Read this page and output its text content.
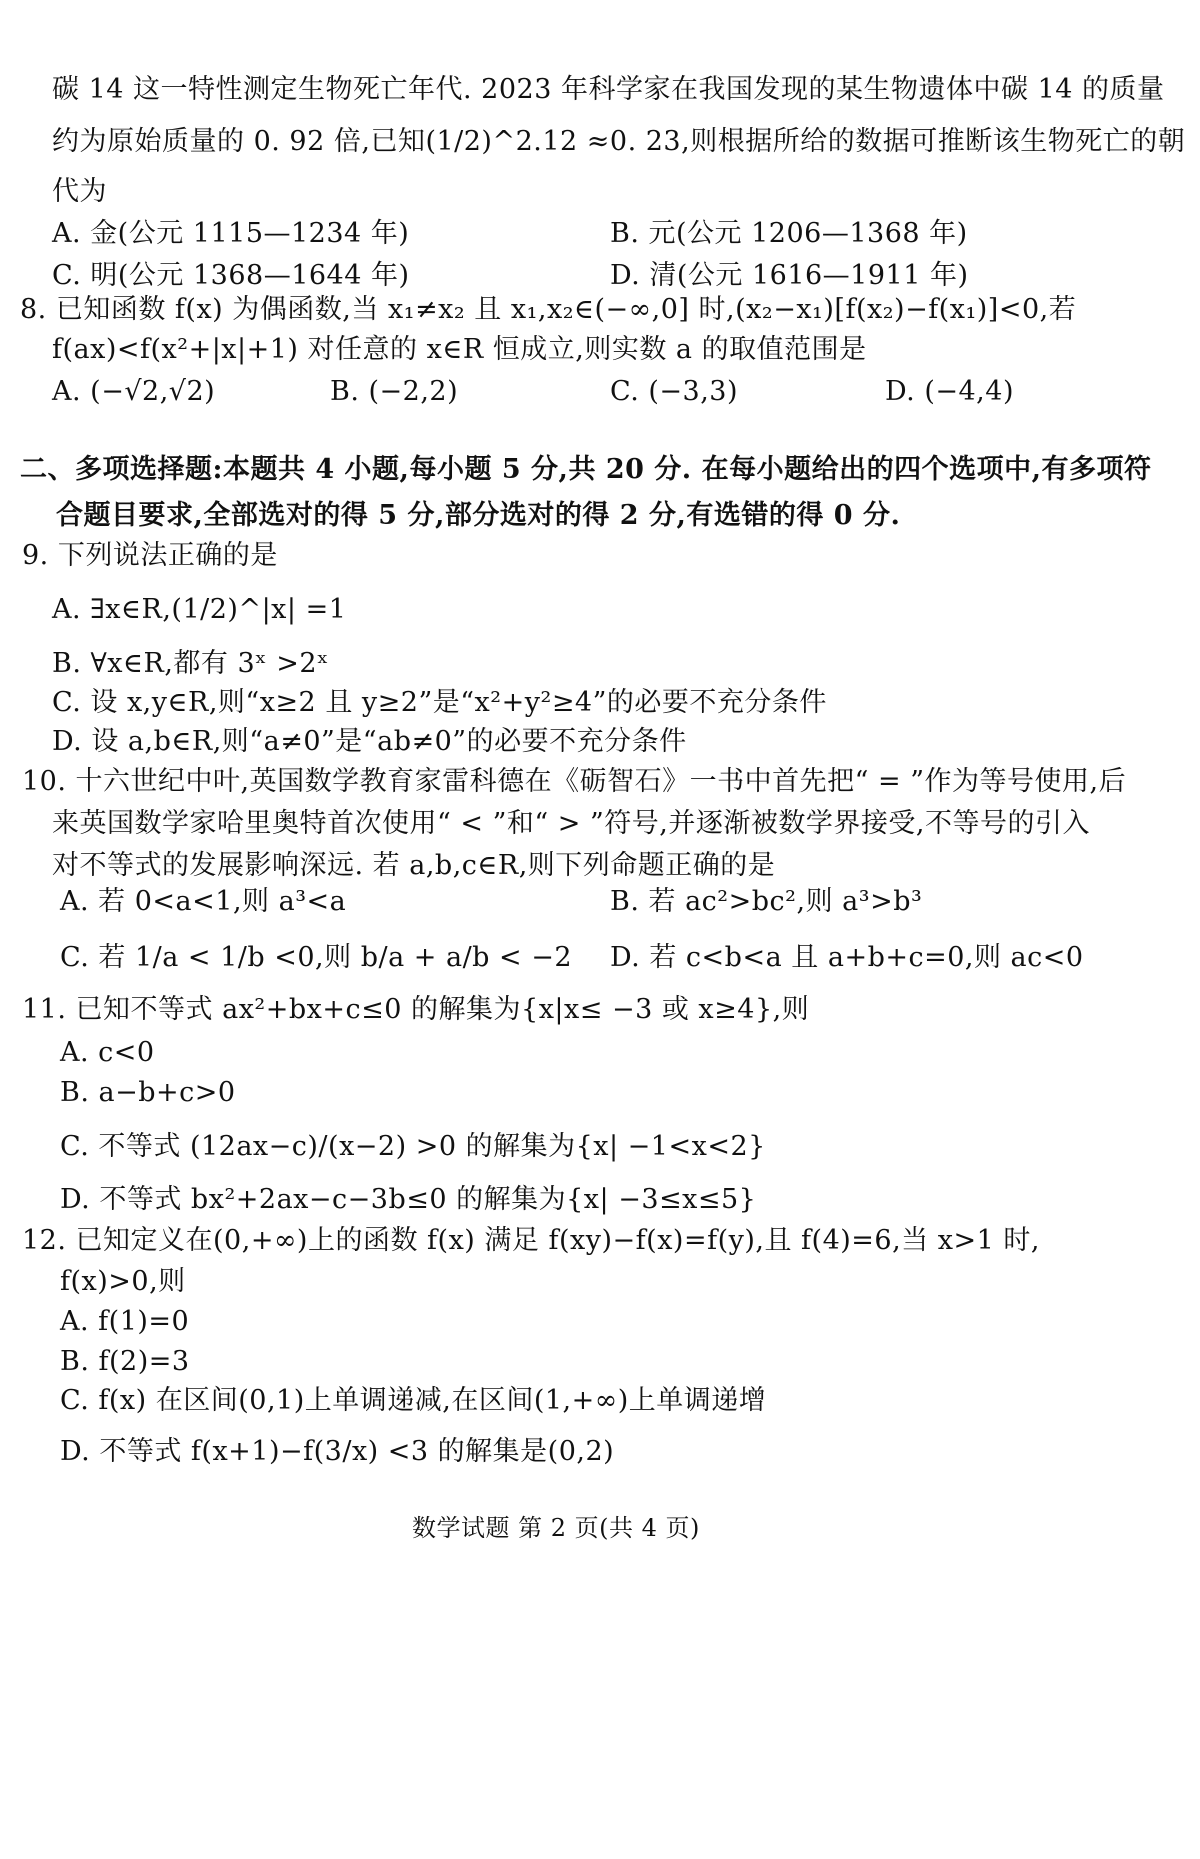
碳 14 这一特性测定生物死亡年代. 2023 年科学家在我国发现的某生物遗体中碳 14 的质量
约为原始质量的 0. 92 倍,已知(1/2)^2.12 ≈0. 23,则根据所给的数据可推断该生物死亡的朝
代为
A. 金(公元 1115—1234 年)	B. 元(公元 1206—1368 年)
C. 明(公元 1368—1644 年)	D. 清(公元 1616—1911 年)
8. 已知函数 f(x) 为偶函数,当 x₁≠x₂ 且 x₁,x₂∈(−∞,0] 时,(x₂−x₁)[f(x₂)−f(x₁)]<0,若
f(ax)<f(x²+|x|+1) 对任意的 x∈R 恒成立,则实数 a 的取值范围是
A. (−√2,√2)	B. (−2,2)	C. (−3,3)	D. (−4,4)
二、多项选择题:本题共 4 小题,每小题 5 分,共 20 分. 在每小题给出的四个选项中,有多项符
合题目要求,全部选对的得 5 分,部分选对的得 2 分,有选错的得 0 分.
9. 下列说法正确的是
A. ∃x∈R,(1/2)^|x| =1
B. ∀x∈R,都有 3ˣ >2ˣ
C. 设 x,y∈R,则“x≥2 且 y≥2”是“x²+y²≥4”的必要不充分条件
D. 设 a,b∈R,则“a≠0”是“ab≠0”的必要不充分条件
10. 十六世纪中叶,英国数学教育家雷科德在《砺智石》一书中首先把“ = ”作为等号使用,后
来英国数学家哈里奥特首次使用“ < ”和“ > ”符号,并逐渐被数学界接受,不等号的引入
对不等式的发展影响深远. 若 a,b,c∈R,则下列命题正确的是
A. 若 0<a<1,则 a³<a	B. 若 ac²>bc²,则 a³>b³
C. 若 1/a < 1/b <0,则 b/a + a/b < −2 D. 若 c<b<a 且 a+b+c=0,则 ac<0
11. 已知不等式 ax²+bx+c≤0 的解集为{x|x≤ −3 或 x≥4},则
A. c<0
B. a−b+c>0
C. 不等式 (12ax−c)/(x−2) >0 的解集为{x| −1<x<2}
D. 不等式 bx²+2ax−c−3b≤0 的解集为{x| −3≤x≤5}
12. 已知定义在(0,+∞)上的函数 f(x) 满足 f(xy)−f(x)=f(y),且 f(4)=6,当 x>1 时,
f(x)>0,则
A. f(1)=0
B. f(2)=3
C. f(x) 在区间(0,1)上单调递减,在区间(1,+∞)上单调递增
D. 不等式 f(x+1)−f(3/x) <3 的解集是(0,2)
数学试题 第 2 页(共 4 页)
